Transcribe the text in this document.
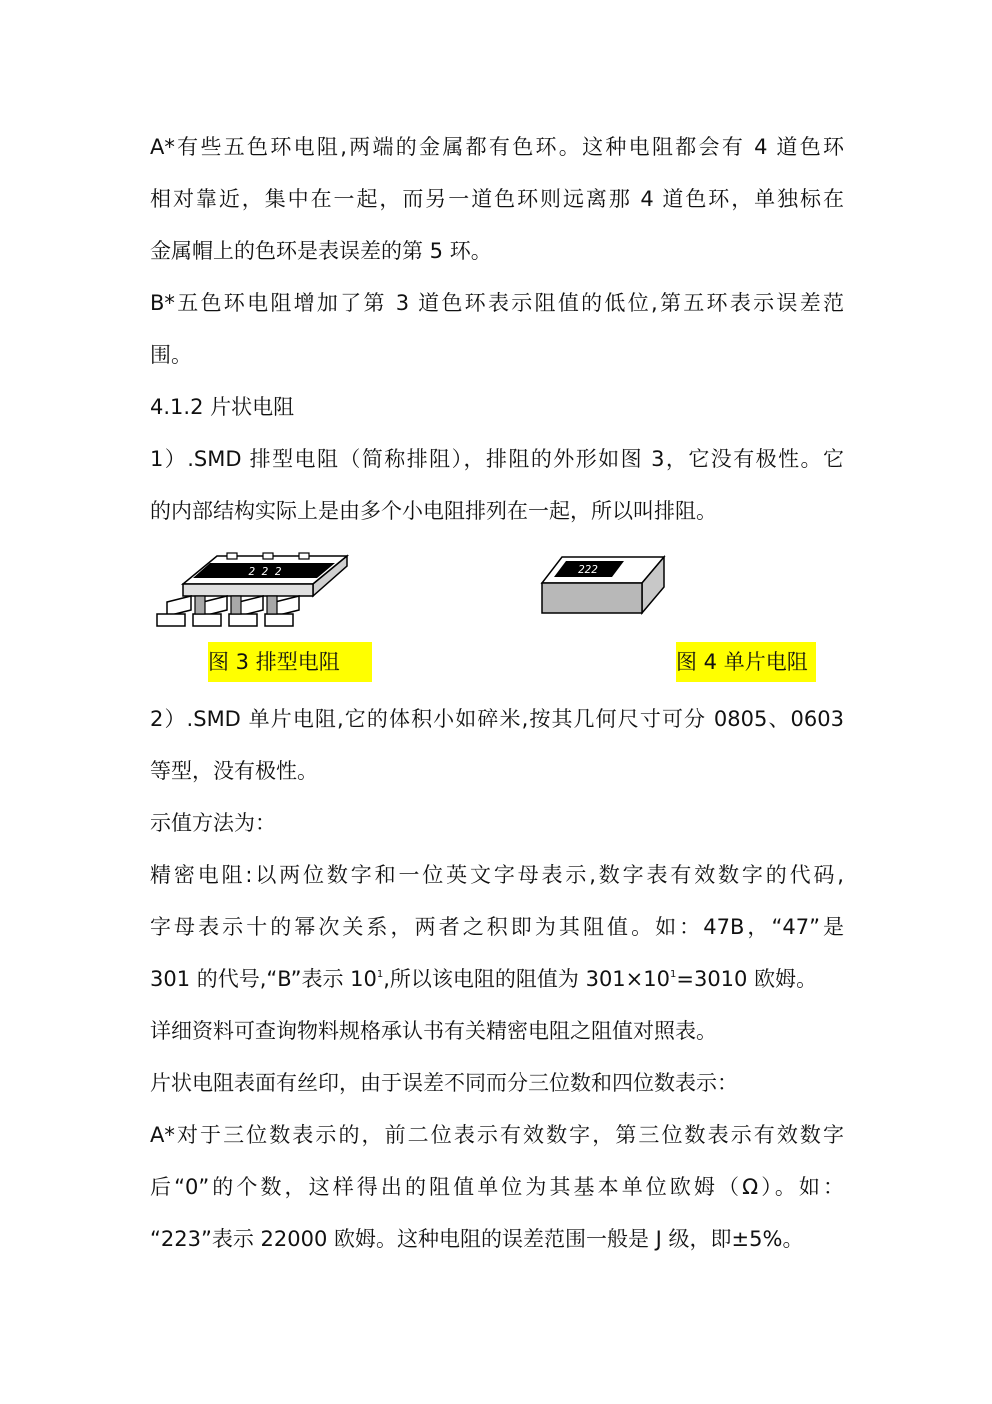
A*有些五色环电阻,两端的金属都有色环。这种电阻都会有 4 道色环
相对靠近，集中在一起，而另一道色环则远离那 4 道色环，单独标在
金属帽上的色环是表误差的第 5 环。
B*五色环电阻增加了第 3 道色环表示阻值的低位,第五环表示误差范
围。
4.1.2 片状电阻
1）.SMD 排型电阻（简称排阻），排阻的外形如图 3，它没有极性。它
的内部结构实际上是由多个小电阻排列在一起，所以叫排阻。
2 2 2	222
图 3 排型电阻	图 4 单片电阻
2）.SMD 单片电阻,它的体积小如碎米,按其几何尺寸可分 0805、0603
等型，没有极性。
示值方法为：
精密电阻:以两位数字和一位英文字母表示,数字表有效数字的代码,
字母表示十的幂次关系，两者之积即为其阻值。如：47B，“47”是
301 的代号,“B”表示 $10^1$,所以该电阻的阻值为 $301\times 10^1=3010$ 欧姆。
详细资料可查询物料规格承认书有关精密电阻之阻值对照表。
片状电阻表面有丝印，由于误差不同而分三位数和四位数表示：
A*对于三位数表示的，前二位表示有效数字，第三位数表示有效数字
后“0”的个数，这样得出的阻值单位为其基本单位欧姆（Ω）。如：
“223”表示 22000 欧姆。这种电阻的误差范围一般是 J 级，即±5%。
